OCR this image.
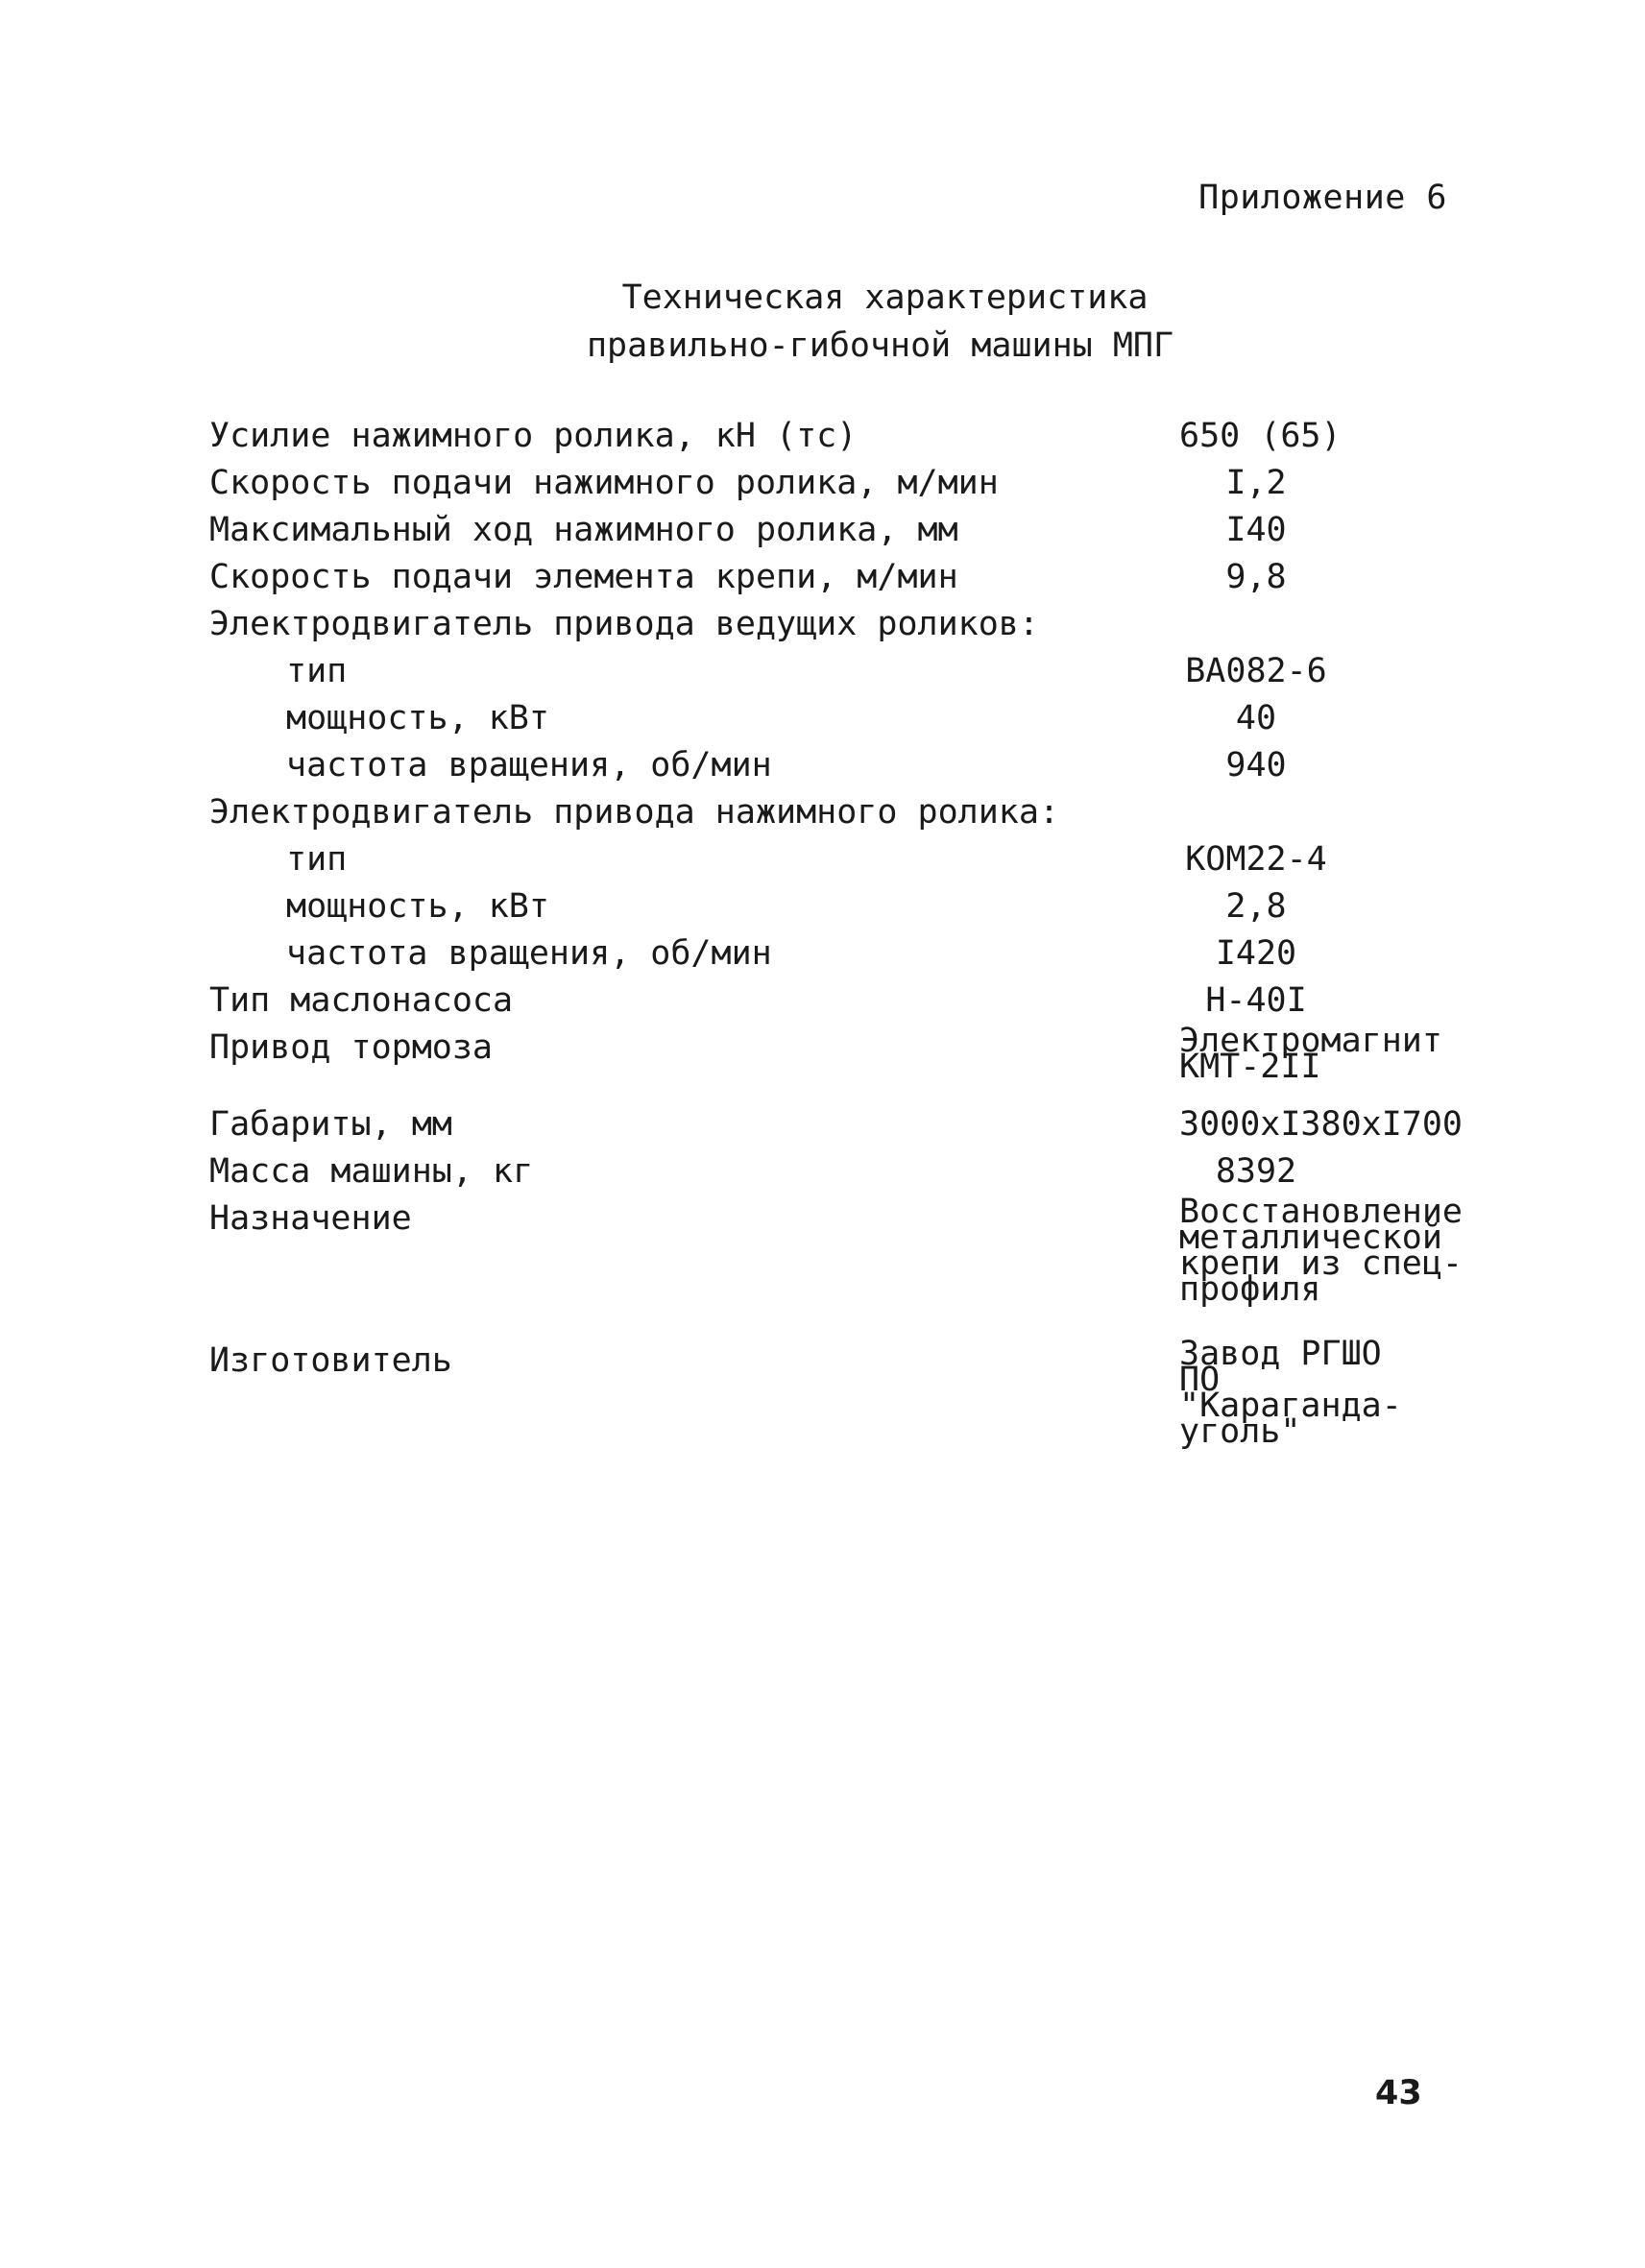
Приложение 6
Техническая характеристика
правильно-гибочной машины МПГ
Усилие нажимного ролика, кН (тс)	650 (65)
Скорость подачи нажимного ролика, м/мин	I,2
Максимальный ход нажимного ролика, мм	I40
Скорость подачи элемента крепи, м/мин	9,8
Электродвигатель привода ведущих роликов:
тип	ВА082-6
мощность, кВт	40
частота вращения, об/мин	940
Электродвигатель привода нажимного ролика:
тип	КОМ22-4
мощность, кВт	2,8
частота вращения, об/мин	I420
Тип маслонасоса	Н-40I
Привод тормоза	Электромагнит
КМТ-2II
Габариты, мм	3000хI380хI700
Масса машины, кг	8392
Назначение	Восстановление
металлической
крепи из спец-
профиля
Изготовитель	Завод РГШО
ПО "Караганда-
уголь"
43
